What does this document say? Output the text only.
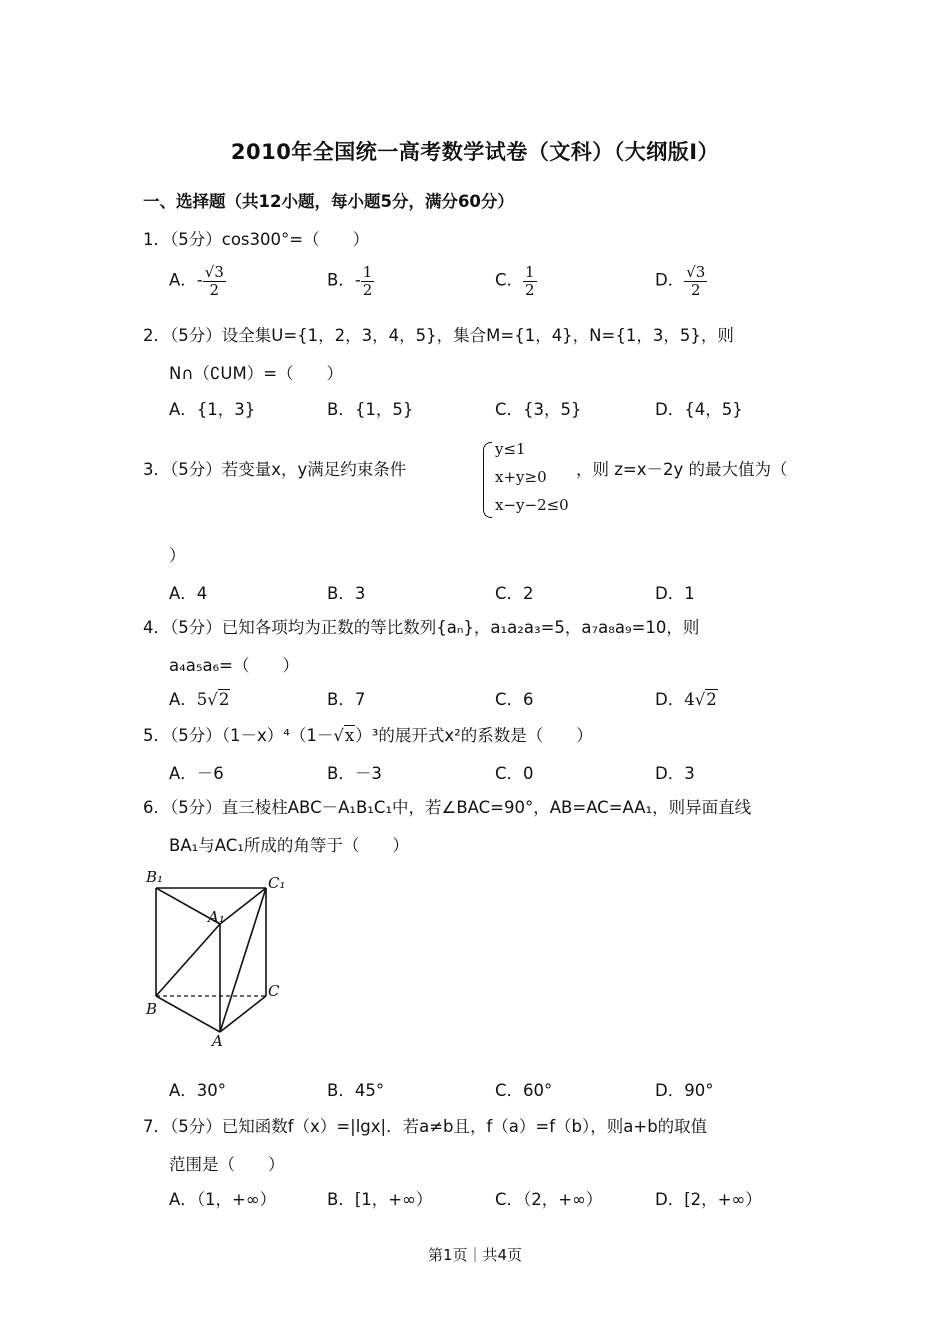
2010年全国统一高考数学试卷（文科）（大纲版Ⅰ）
一、选择题（共12小题，每小题5分，满分60分）
1．（5分）cos300°=（　　）
A．- $\frac{√3}{2}$	B．- $\frac{1}{2}$	C． $\frac{1}{2}$	D． $\frac{√3}{2}$
2．（5分）设全集U={1，2，3，4，5}，集合M={1，4}，N={1，3，5}，则
N∩（∁UM）=（　　）
A．{1，3}	B．{1，5}	C．{3，5}	D．{4，5}
3．（5分）若变量x，y满足约束条件
y≤1
x+y≥0
x−y−2≤0
，则 z=x－2y 的最大值为（
）
A．4	B．3	C．2	D．1
4．（5分）已知各项均为正数的等比数列{aₙ}，a₁a₂a₃=5，a₇a₈a₉=10，则
a₄a₅a₆=（　　）
A．5√2	B．7	C．6	D．4√2
5．（5分）（1－x）⁴（1－√x）³的展开式x²的系数是（　　）
A．－6	B．－3	C．0	D．3
6．（5分）直三棱柱ABC－A₁B₁C₁中，若∠BAC=90°，AB=AC=AA₁，则异面直线
BA₁与AC₁所成的角等于（　　）
B₁	C₁
A₁
B
C
A
A．30°	B．45°	C．60°	D．90°
7．（5分）已知函数f（x）=|lgx|．若a≠b且，f（a）=f（b），则a+b的取值
范围是（　　）
A．（1，+∞）	B．[1，+∞）	C．（2，+∞）	D．[2，+∞）
第1页｜共4页
